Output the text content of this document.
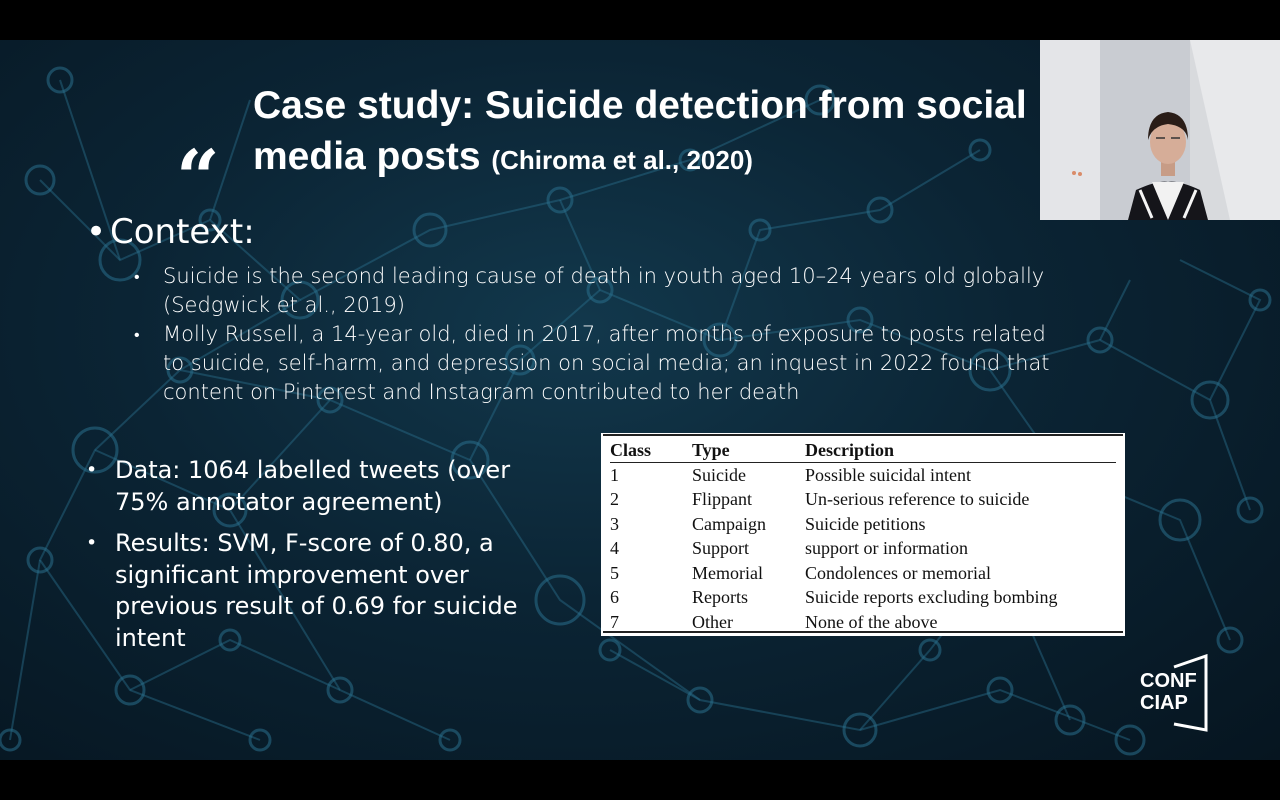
“
Case study: Suicide detection from social media posts (Chiroma et al., 2020)
• Context:
• Suicide is the second leading cause of death in youth aged 10–24 years old globally (Sedgwick et al., 2019)
• Molly Russell, a 14-year old, died in 2017, after months of exposure to posts related to suicide, self-harm, and depression on social media; an inquest in 2022 found that content on Pinterest and Instagram contributed to her death
• Data: 1064 labelled tweets (over 75% annotator agreement)
• Results: SVM, F-score of 0.80, a significant improvement over previous result of 0.69 for suicide intent
Class	Type	Description
1	Suicide	Possible suicidal intent
2	Flippant	Un-serious reference to suicide
3	Campaign	Suicide petitions
4	Support	support or information
5	Memorial	Condolences or memorial
6	Reports	Suicide reports excluding bombing
7	Other	None of the above
CONF
CIAP
